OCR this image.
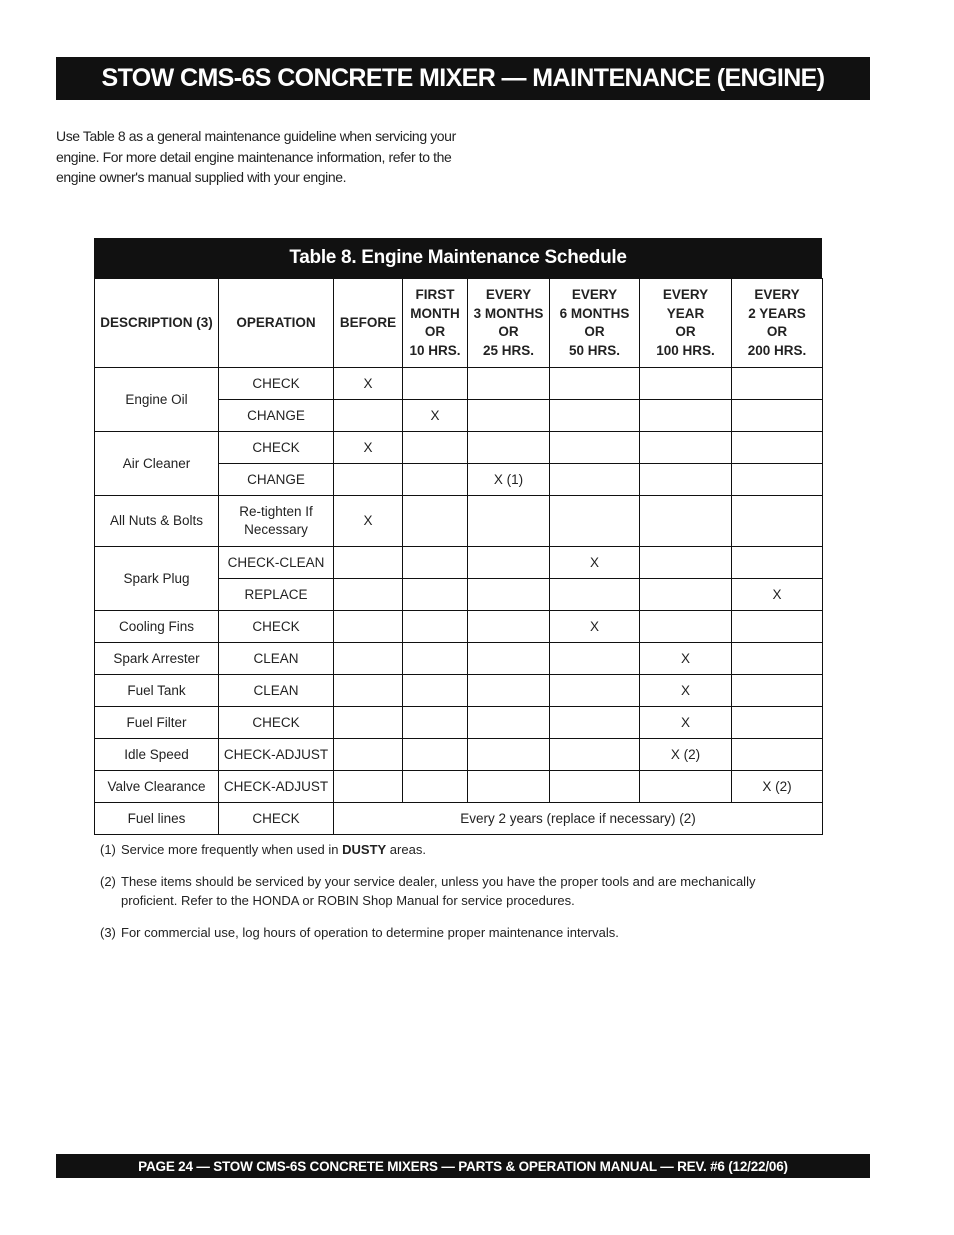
STOW CMS-6S CONCRETE MIXER — MAINTENANCE (ENGINE)
Use Table 8 as a general maintenance guideline when servicing your engine. For more detail engine maintenance information, refer to the engine owner's manual supplied with your engine.
Table 8. Engine Maintenance Schedule
DESCRIPTION (3)	OPERATION	BEFORE	FIRST
MONTH
OR
10 HRS.	EVERY
3 MONTHS
OR
25 HRS.	EVERY
6 MONTHS
OR
50 HRS.	EVERY
YEAR
OR
100 HRS.	EVERY
2 YEARS
OR
200 HRS.
Engine Oil	CHECK	X					
	CHANGE		X				
Air Cleaner	CHECK	X					
	CHANGE			X (1)			
All Nuts & Bolts	Re-tighten If
Necessary	X					
Spark Plug	CHECK-CLEAN				X		
	REPLACE						X
Cooling Fins	CHECK				X		
Spark Arrester	CLEAN					X	
Fuel Tank	CLEAN					X	
Fuel Filter	CHECK					X	
Idle Speed	CHECK-ADJUST					X (2)	
Valve Clearance	CHECK-ADJUST						X (2)
Fuel lines	CHECK	Every 2 years (replace if necessary) (2)					
(1) Service more frequently when used in DUSTY areas.
(2) These items should be serviced by your service dealer, unless you have the proper tools and are mechanically proficient. Refer to the HONDA or ROBIN Shop Manual for service procedures.
(3) For commercial use, log hours of operation to determine proper maintenance intervals.
PAGE 24 — STOW CMS-6S CONCRETE MIXERS — PARTS & OPERATION MANUAL — REV. #6 (12/22/06)
